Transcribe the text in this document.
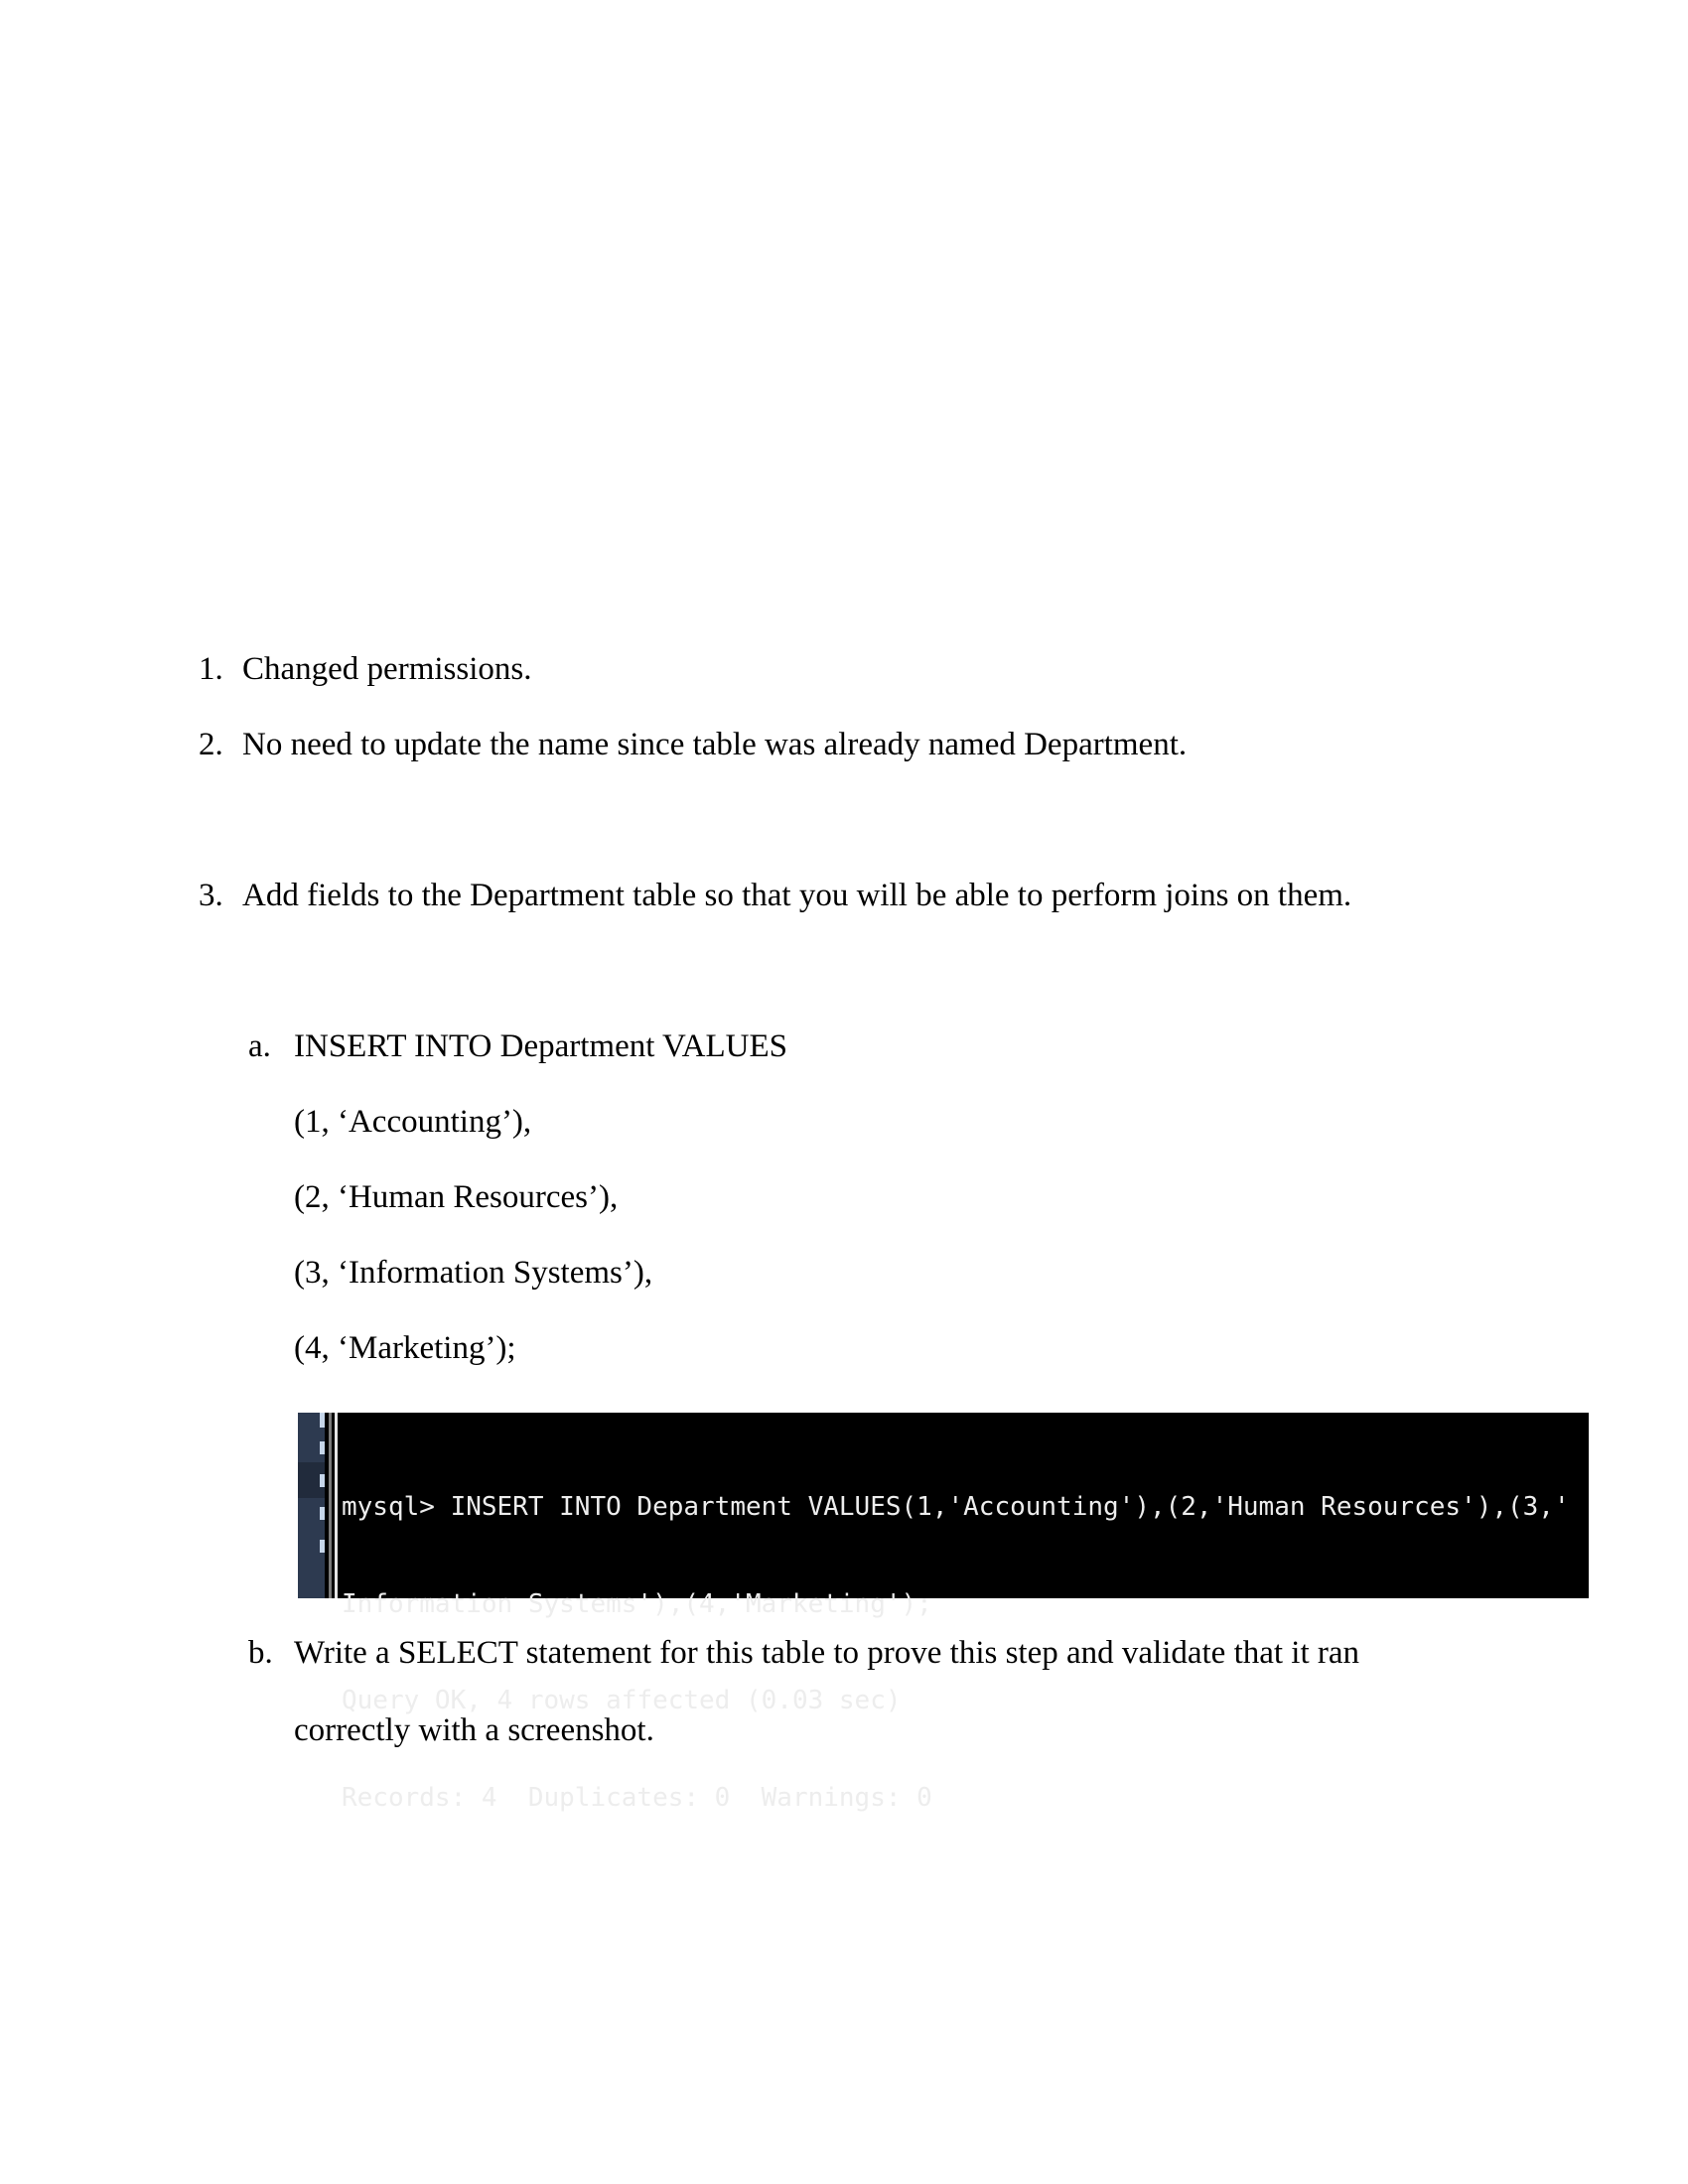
1. Changed permissions.
2. No need to update the name since table was already named Department.
3. Add fields to the Department table so that you will be able to perform joins on them.
a. INSERT INTO Department VALUES
(1, ‘Accounting’),
(2, ‘Human Resources’),
(3, ‘Information Systems’),
(4, ‘Marketing’);

mysql> INSERT INTO Department VALUES(1,'Accounting'),(2,'Human Resources'),(3,'

Information Systems'),(4,'Marketing');

Query OK, 4 rows affected (0.03 sec)

Records: 4  Duplicates: 0  Warnings: 0

b. Write a SELECT statement for this table to prove this step and validate that it ran
correctly with a screenshot.
